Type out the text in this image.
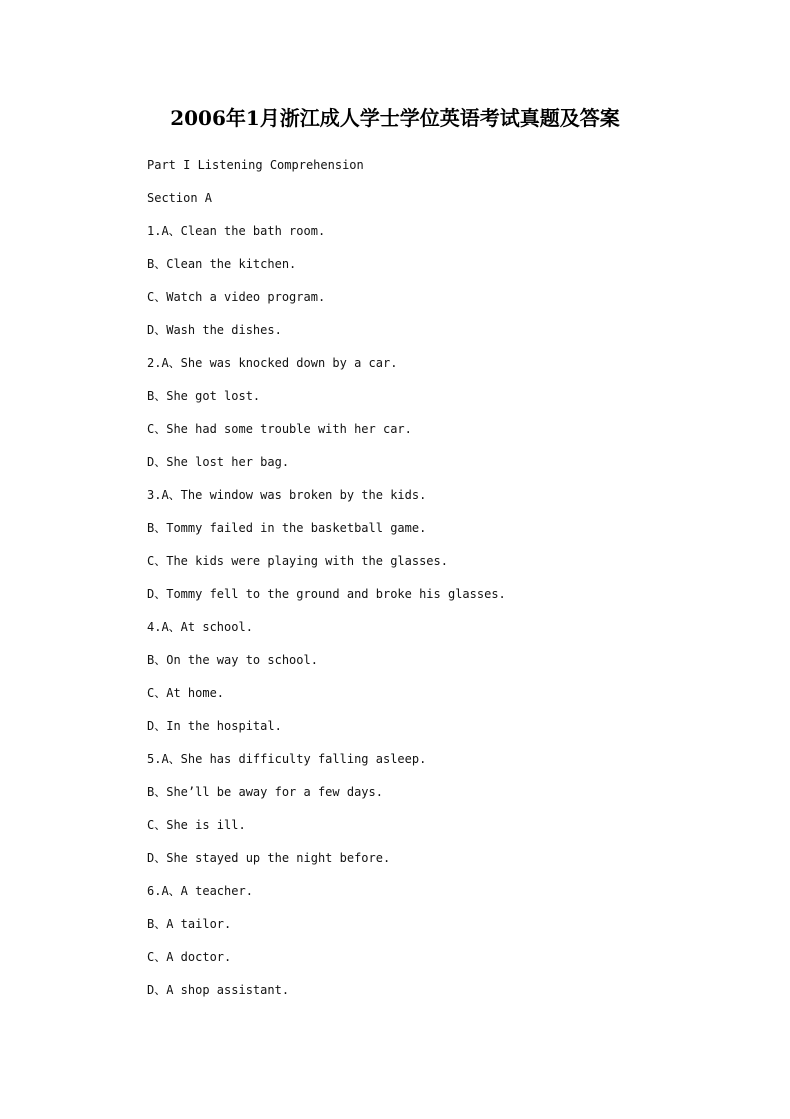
2006年1月浙江成人学士学位英语考试真题及答案
Part I Listening Comprehension
Section A
1.A、Clean the bath room.
B、Clean the kitchen.
C、Watch a video program.
D、Wash the dishes.
2.A、She was knocked down by a car.
B、She got lost.
C、She had some trouble with her car.
D、She lost her bag.
3.A、The window was broken by the kids.
B、Tommy failed in the basketball game.
C、The kids were playing with the glasses.
D、Tommy fell to the ground and broke his glasses.
4.A、At school.
B、On the way to school.
C、At home.
D、In the hospital.
5.A、She has difficulty falling asleep.
B、She’ll be away for a few days.
C、She is ill.
D、She stayed up the night before.
6.A、A teacher.
B、A tailor.
C、A doctor.
D、A shop assistant.
